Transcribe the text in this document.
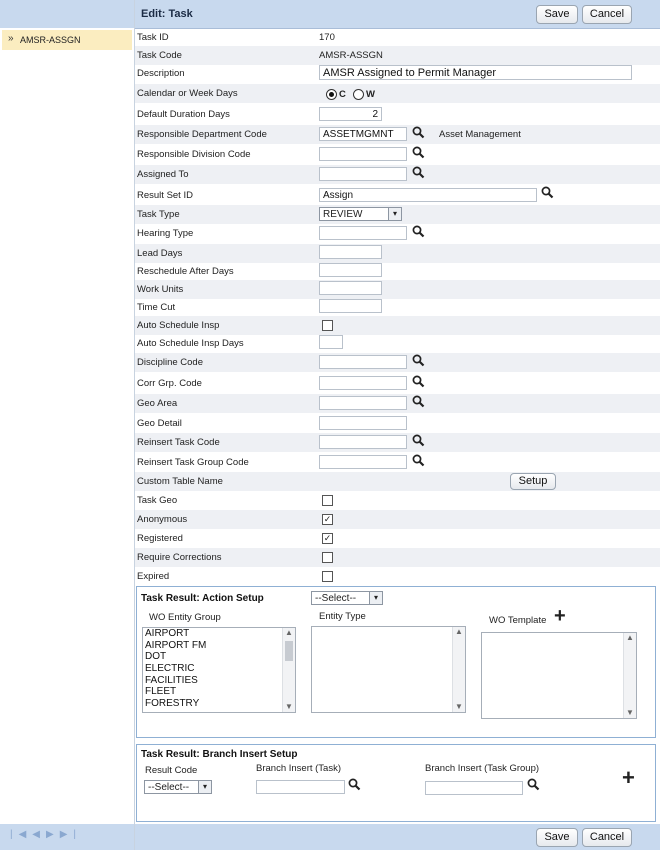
» AMSR-ASSGN
|◀◀▶▶|
Edit: Task	Save	Cancel
Task ID	170
Task Code	AMSR-ASSGN
Description	AMSR Assigned to Permit Manager
Calendar or Week Days	C W
Default Duration Days	2
Responsible Department Code	ASSETMGMNT	Asset Management
Responsible Division Code
Assigned To
Result Set ID	Assign
Task Type	REVIEW	▾
Hearing Type
Lead Days
Reschedule After Days
Work Units
Time Cut
Auto Schedule Insp
Auto Schedule Insp Days
Discipline Code
Corr Grp. Code
Geo Area
Geo Detail
Reinsert Task Code
Reinsert Task Group Code
Custom Table Name	Setup
Task Geo
Anonymous	✓
Registered	✓
Require Corrections
Expired
Task Result: Action Setup	--Select--	▾
WO Entity Group	Entity Type	WO Template +
AIRPORT
AIRPORT FM
DOT
ELECTRIC
FACILITIES
FLEET
FORESTRY
▲
▼
▲
▼
▲
▼
Task Result: Branch Insert Setup
Result Code
--Select--	▾
Branch Insert (Task)	Branch Insert (Task Group)	+
Save	Cancel
